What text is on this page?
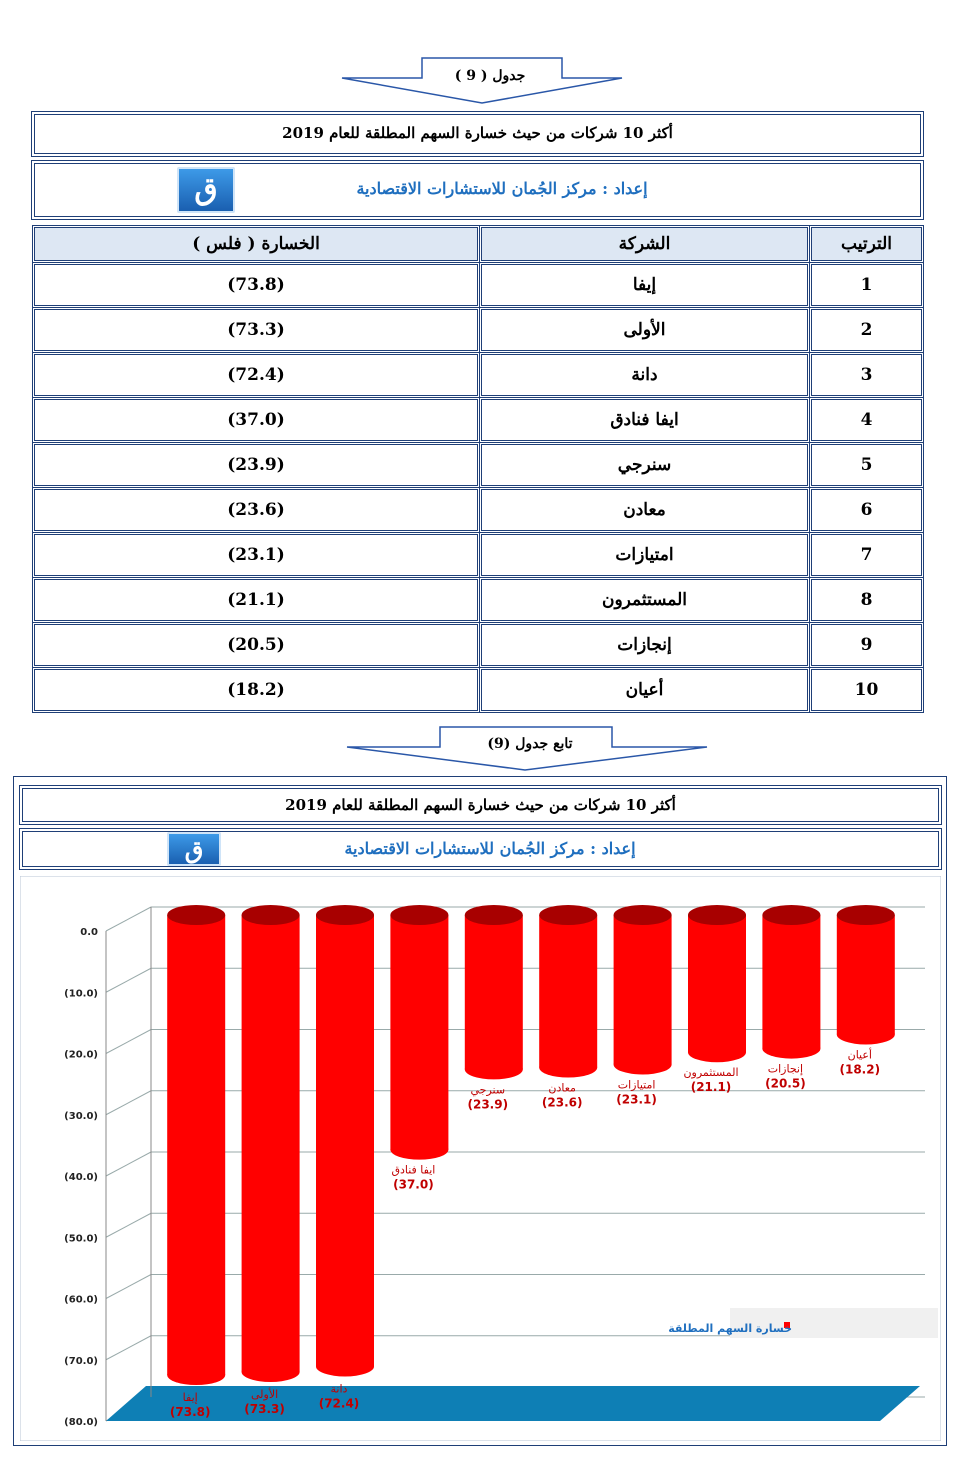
جدول ( 9 )
أكثر 10 شركات من حيث خسارة السهم المطلقة للعام 2019
إعداد : مركز الجُمان للاستشارات الاقتصادية
ق
الخسارة ( فلس )	الشركة	الترتيب
(73.8)	إيفا	1
(73.3)	الأولى	2
(72.4)	دانة	3
(37.0)	ايفا فنادق	4
(23.9)	سنرجي	5
(23.6)	معادن	6
(23.1)	امتيازات	7
(21.1)	المستثمرون	8
(20.5)	إنجازات	9
(18.2)	أعيان	10
تابع جدول (9)
أكثر 10 شركات من حيث خسارة السهم المطلقة للعام 2019
إعداد : مركز الجُمان للاستشارات الاقتصادية
ق
إيفا
(73.8)
الأولى
(73.3)
دانة
(72.4)
ايفا فنادق
(37.0)
سنرجي
(23.9)
معادن
(23.6)
امتيازات
(23.1)
المستثمرون
(21.1)
إنجازات
(20.5)
أعيان
(18.2)
0.0
(10.0)
(20.0)
(30.0)
(40.0)
(50.0)
(60.0)
(70.0)
(80.0)
خسارة السهم المطلقة
